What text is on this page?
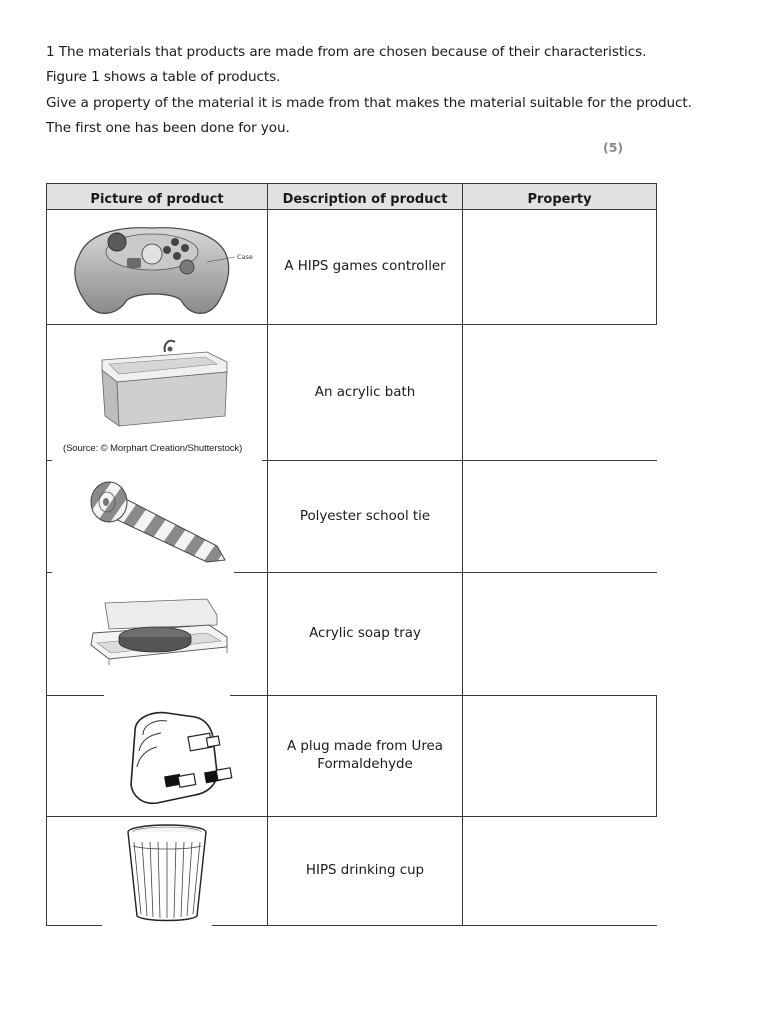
1 The materials that products are made from are chosen because of their characteristics.

Figure 1 shows a table of products.

Give a property of the material it is made from that makes the material suitable for the product.

The first one has been done for you.

(5)
Picture of product	Description of product	Property
Case
A HIPS games controller
(Source: © Morphart Creation/Shutterstock)
An acrylic bath
Polyester school tie
Acrylic soap tray
A plug made from Urea Formaldehyde
HIPS drinking cup
